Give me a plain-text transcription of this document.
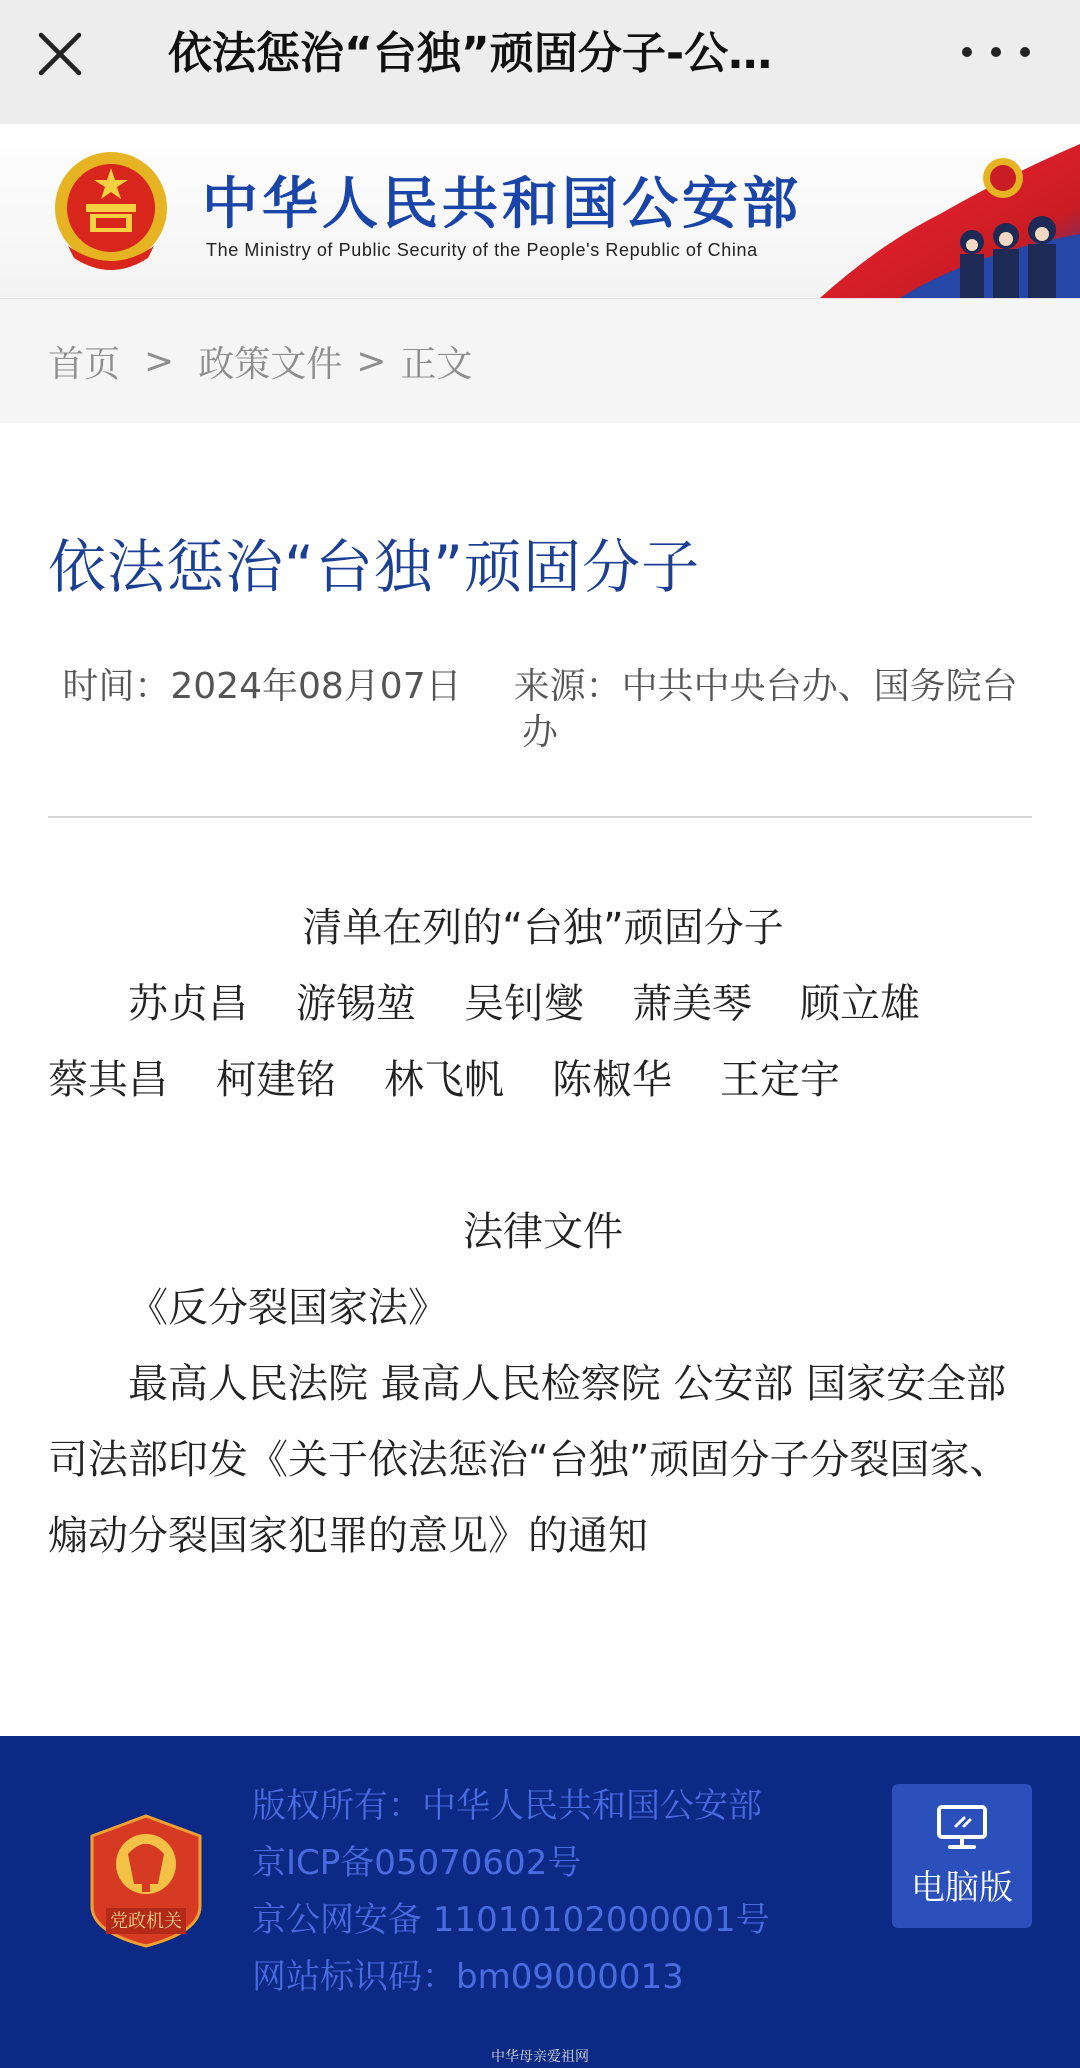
依法惩治“台独”顽固分子-公…
中华人民共和国公安部
The Ministry of Public Security of the People's Republic of China
首页 > 政策文件 > 正文
依法惩治“台独”顽固分子
时间：2024年08月07日 来源：中共中央台办、国务院台办
清单在列的“台独”顽固分子
苏贞昌 游锡堃 吴钊燮 萧美琴 顾立雄
蔡其昌 柯建铭 林飞帆 陈椒华 王定宇
法律文件
《反分裂国家法》
最高人民法院 最高人民检察院 公安部 国家安全部 司法部印发《关于依法惩治“台独”顽固分子分裂国家、煽动分裂国家犯罪的意见》的通知
党政机关
版权所有：中华人民共和国公安部
京ICP备05070602号
京公网安备 11010102000001号
网站标识码：bm09000013
电脑版
中华母亲爱祖网
